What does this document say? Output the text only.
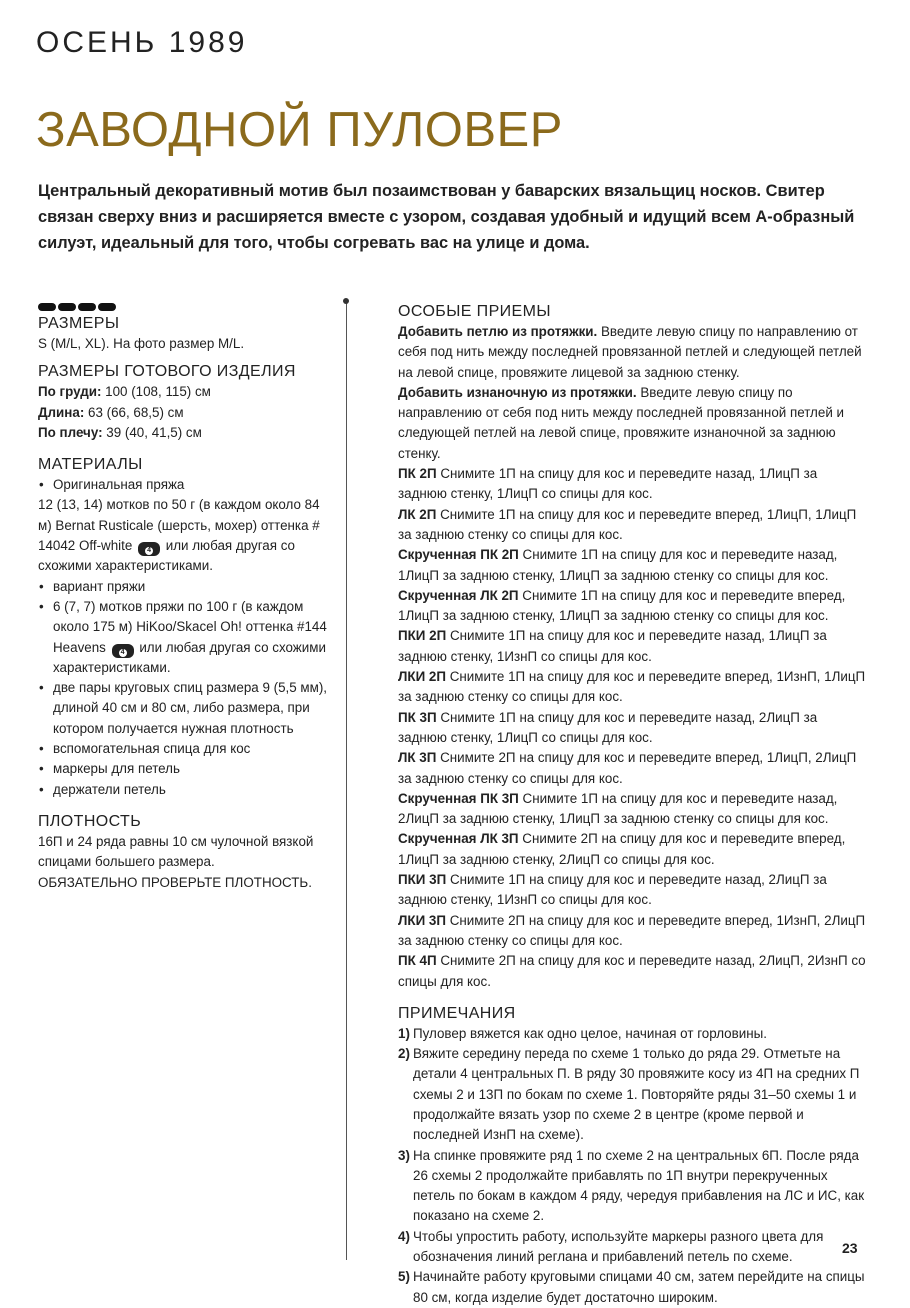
ОСЕНЬ 1989
ЗАВОДНОЙ ПУЛОВЕР

Центральный декоративный мотив был позаимствован у баварских вязальщиц носков. Свитер связан сверху вниз и расширяется вместе с узором, создавая удобный и идущий всем А-образный силуэт, идеальный для того, чтобы согревать вас на улице и дома.

РАЗМЕРЫ

S (M/L, XL). На фото размер M/L.

РАЗМЕРЫ ГОТОВОГО ИЗДЕЛИЯ

По груди: 100 (108, 115) см

Длина: 63 (66, 68,5) см

По плечу: 39 (40, 41,5) см

МАТЕРИАЛЫ
• Оригинальная пряжа

12 (13, 14) мотков по 50 г (в каждом около 84 м) Bernat Rusticale (шерсть, мохер) оттенка # 14042 Off-white 4 или любая другая со схожими характеристиками.

• вариант пряжи
• 6 (7, 7) мотков пряжи по 100 г (в каждом около 175 м) HiKoo/Skacel Oh! оттенка #144 Heavens 4 или любая другая со схожими характеристиками.
• две пары круговых спиц размера 9 (5,5 мм), длиной 40 см и 80 см, либо размера, при котором получается нужная плотность
• вспомогательная спица для кос
• маркеры для петель
• держатели петель
ПЛОТНОСТЬ

16П и 24 ряда равны 10 см чулочной вязкой спицами большего размера.

ОБЯЗАТЕЛЬНО ПРОВЕРЬТЕ ПЛОТНОСТЬ.

ОСОБЫЕ ПРИЕМЫ

Добавить петлю из протяжки. Введите левую спицу по направлению от себя под нить между последней провязанной петлей и следующей петлей на левой спице, провяжите лицевой за заднюю стенку.

Добавить изнаночную из протяжки. Введите левую спицу по направлению от себя под нить между последней провязанной петлей и следующей петлей на левой спице, провяжите изнаночной за заднюю стенку.

ПК 2П Снимите 1П на спицу для кос и переведите назад, 1ЛицП за заднюю стенку, 1ЛицП со спицы для кос.

ЛК 2П Снимите 1П на спицу для кос и переведите вперед, 1ЛицП, 1ЛицП за заднюю стенку со спицы для кос.

Скрученная ПК 2П Снимите 1П на спицу для кос и переведите назад, 1ЛицП за заднюю стенку, 1ЛицП за заднюю стенку со спицы для кос.

Скрученная ЛК 2П Снимите 1П на спицу для кос и переведите вперед, 1ЛицП за заднюю стенку, 1ЛицП за заднюю стенку со спицы для кос.

ПКИ 2П Снимите 1П на спицу для кос и переведите назад, 1ЛицП за заднюю стенку, 1ИзнП со спицы для кос.

ЛКИ 2П Снимите 1П на спицу для кос и переведите вперед, 1ИзнП, 1ЛицП за заднюю стенку со спицы для кос.

ПК 3П Снимите 1П на спицу для кос и переведите назад, 2ЛицП за заднюю стенку, 1ЛицП со спицы для кос.

ЛК 3П Снимите 2П на спицу для кос и переведите вперед, 1ЛицП, 2ЛицП за заднюю стенку со спицы для кос.

Скрученная ПК 3П Снимите 1П на спицу для кос и переведите назад, 2ЛицП за заднюю стенку, 1ЛицП за заднюю стенку со спицы для кос.

Скрученная ЛК 3П Снимите 2П на спицу для кос и переведите вперед, 1ЛицП за заднюю стенку, 2ЛицП со спицы для кос.

ПКИ 3П Снимите 1П на спицу для кос и переведите назад, 2ЛицП за заднюю стенку, 1ИзнП со спицы для кос.

ЛКИ 3П Снимите 2П на спицу для кос и переведите вперед, 1ИзнП, 2ЛицП за заднюю стенку со спицы для кос.

ПК 4П Снимите 2П на спицу для кос и переведите назад, 2ЛицП, 2ИзнП со спицы для кос.

ПРИМЕЧАНИЯ
1) Пуловер вяжется как одно целое, начиная от горловины.
2) Вяжите середину переда по схеме 1 только до ряда 29. Отметьте на детали 4 центральных П. В ряду 30 провяжите косу из 4П на средних П схемы 2 и 13П по бокам по схеме 1. Повторяйте ряды 31–50 схемы 1 и продолжайте вязать узор по схеме 2 в центре (кроме первой и последней ИзнП на схеме).
3) На спинке провяжите ряд 1 по схеме 2 на центральных 6П. После ряда 26 схемы 2 продолжайте прибавлять по 1П внутри перекрученных петель по бокам в каждом 4 ряду, чередуя прибавления на ЛС и ИС, как показано на схеме 2.
4) Чтобы упростить работу, используйте маркеры разного цвета для обозначения линий реглана и прибавлений петель по схеме.
5) Начинайте работу круговыми спицами 40 см, затем перейдите на спицы 80 см, когда изделие будет достаточно широким.
23
